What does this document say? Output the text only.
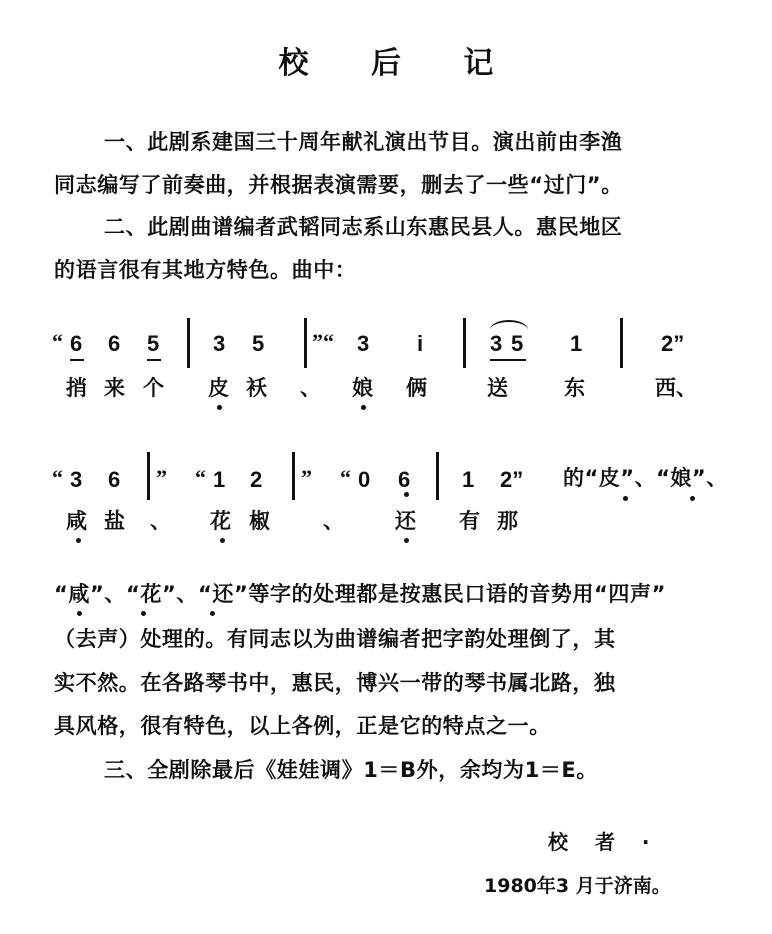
校 后 记
一、此剧系建国三十周年献礼演出节目。演出前由李渔
同志编写了前奏曲，并根据表演需要，删去了一些“过门”。
二、此剧曲谱编者武韬同志系山东惠民县人。惠民地区
的语言很有其地方特色。曲中：
“ 6 6 5 3 5 ”“ 3 i	3 5 1	2”
捎 来 个 皮 袄 、 娘 俩	送	东	西、
“ 3 6 ” “ 1 2 ” “ 0 6 1 2” 的“皮”、“娘”、
咸 盐 、 花 椒	、 还 有 那
“咸”、“花”、“还”等字的处理都是按惠民口语的音势用“四声”
（去声）处理的。有同志以为曲谱编者把字韵处理倒了，其
实不然。在各路琴书中，惠民，博兴一带的琴书属北路，独
具风格，很有特色，以上各例，正是它的特点之一。
三、全剧除最后《娃娃调》1＝B外，余均为1＝E。
校 者 ·
1980年3 月于济南。
